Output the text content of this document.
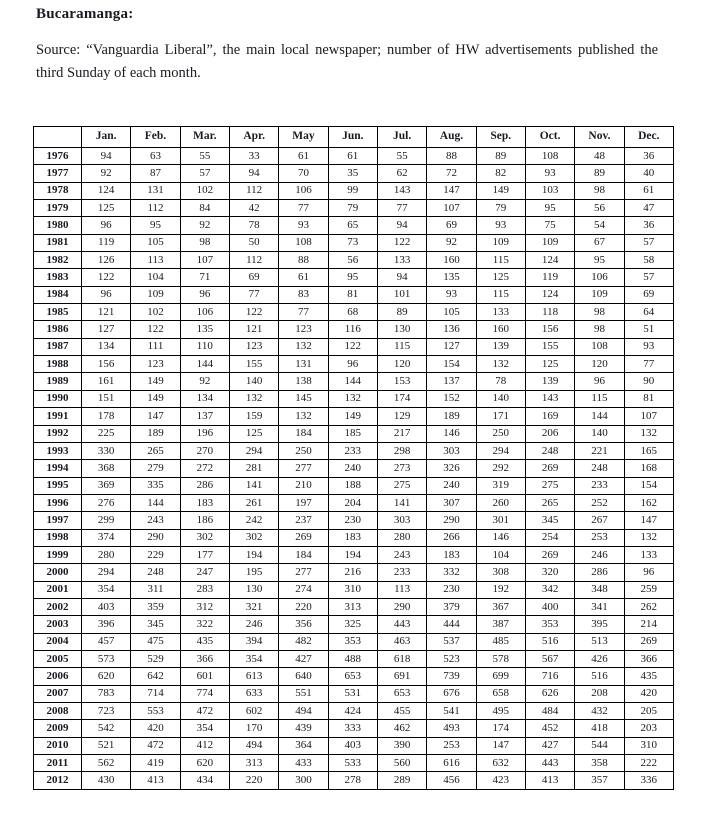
Bucaramanga:

Source: “Vanguardia Liberal”, the main local newspaper; number of HW advertisements published the third Sunday of each month.

	Jan.	Feb.	Mar.	Apr.	May	Jun.	Jul.	Aug.	Sep.	Oct.	Nov.	Dec.
1976	94	63	55	33	61	61	55	88	89	108	48	36
1977	92	87	57	94	70	35	62	72	82	93	89	40
1978	124	131	102	112	106	99	143	147	149	103	98	61
1979	125	112	84	42	77	79	77	107	79	95	56	47
1980	96	95	92	78	93	65	94	69	93	75	54	36
1981	119	105	98	50	108	73	122	92	109	109	67	57
1982	126	113	107	112	88	56	133	160	115	124	95	58
1983	122	104	71	69	61	95	94	135	125	119	106	57
1984	96	109	96	77	83	81	101	93	115	124	109	69
1985	121	102	106	122	77	68	89	105	133	118	98	64
1986	127	122	135	121	123	116	130	136	160	156	98	51
1987	134	111	110	123	132	122	115	127	139	155	108	93
1988	156	123	144	155	131	96	120	154	132	125	120	77
1989	161	149	92	140	138	144	153	137	78	139	96	90
1990	151	149	134	132	145	132	174	152	140	143	115	81
1991	178	147	137	159	132	149	129	189	171	169	144	107
1992	225	189	196	125	184	185	217	146	250	206	140	132
1993	330	265	270	294	250	233	298	303	294	248	221	165
1994	368	279	272	281	277	240	273	326	292	269	248	168
1995	369	335	286	141	210	188	275	240	319	275	233	154
1996	276	144	183	261	197	204	141	307	260	265	252	162
1997	299	243	186	242	237	230	303	290	301	345	267	147
1998	374	290	302	302	269	183	280	266	146	254	253	132
1999	280	229	177	194	184	194	243	183	104	269	246	133
2000	294	248	247	195	277	216	233	332	308	320	286	96
2001	354	311	283	130	274	310	113	230	192	342	348	259
2002	403	359	312	321	220	313	290	379	367	400	341	262
2003	396	345	322	246	356	325	443	444	387	353	395	214
2004	457	475	435	394	482	353	463	537	485	516	513	269
2005	573	529	366	354	427	488	618	523	578	567	426	366
2006	620	642	601	613	640	653	691	739	699	716	516	435
2007	783	714	774	633	551	531	653	676	658	626	208	420
2008	723	553	472	602	494	424	455	541	495	484	432	205
2009	542	420	354	170	439	333	462	493	174	452	418	203
2010	521	472	412	494	364	403	390	253	147	427	544	310
2011	562	419	620	313	433	533	560	616	632	443	358	222
2012	430	413	434	220	300	278	289	456	423	413	357	336
